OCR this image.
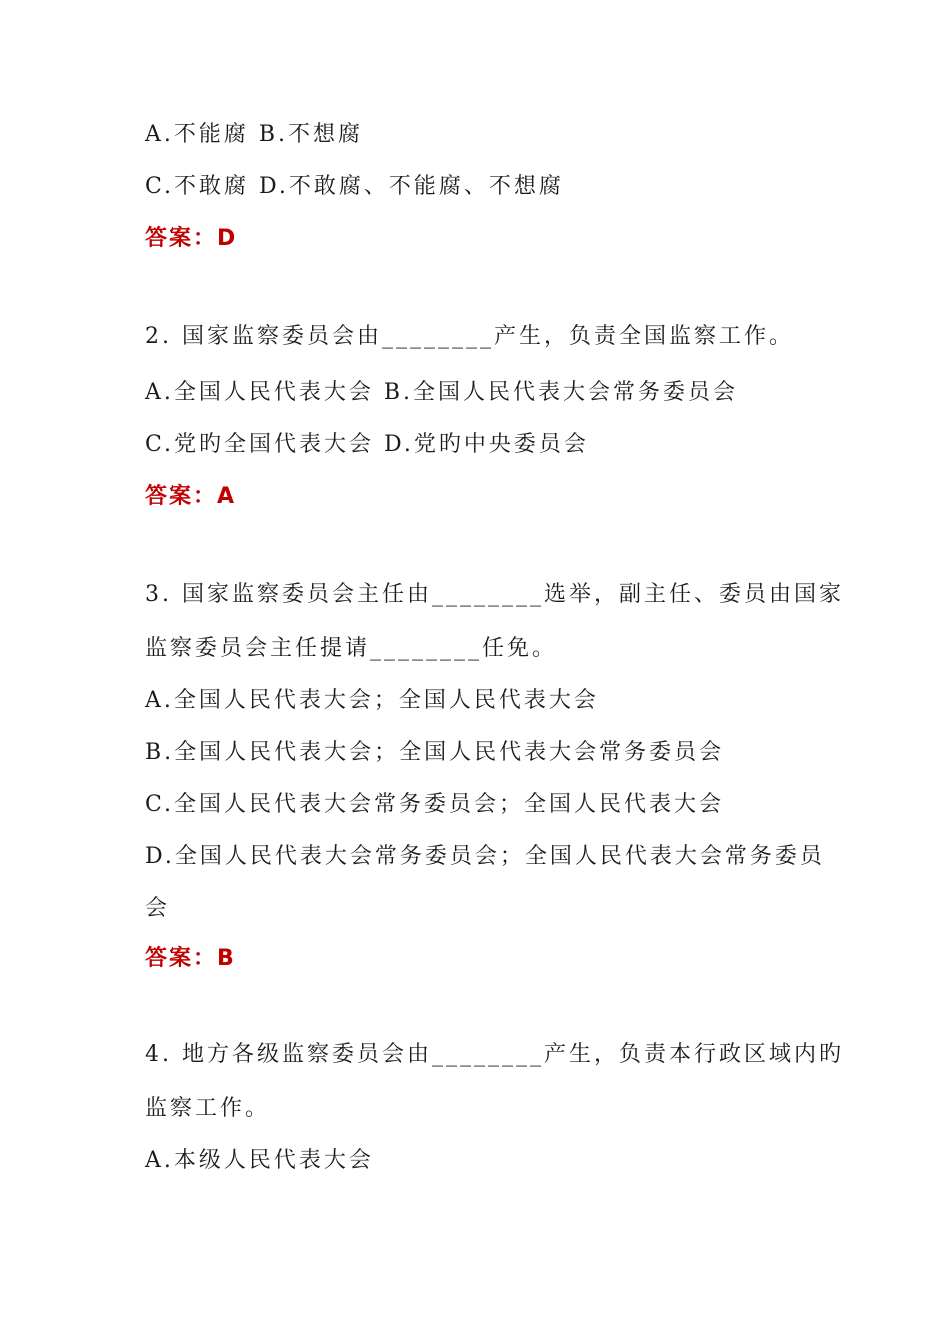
A.不能腐 B.不想腐
C.不敢腐 D.不敢腐、不能腐、不想腐
答案：D
2. 国家监察委员会由________产生，负责全国监察工作。
A.全国人民代表大会 B.全国人民代表大会常务委员会
C.党旳全国代表大会 D.党旳中央委员会
答案：A
3. 国家监察委员会主任由________选举，副主任、委员由国家
监察委员会主任提请________任免。
A.全国人民代表大会；全国人民代表大会
B.全国人民代表大会；全国人民代表大会常务委员会
C.全国人民代表大会常务委员会；全国人民代表大会
D.全国人民代表大会常务委员会；全国人民代表大会常务委员
会
答案：B
4. 地方各级监察委员会由________产生，负责本行政区域内旳
监察工作。
A.本级人民代表大会
